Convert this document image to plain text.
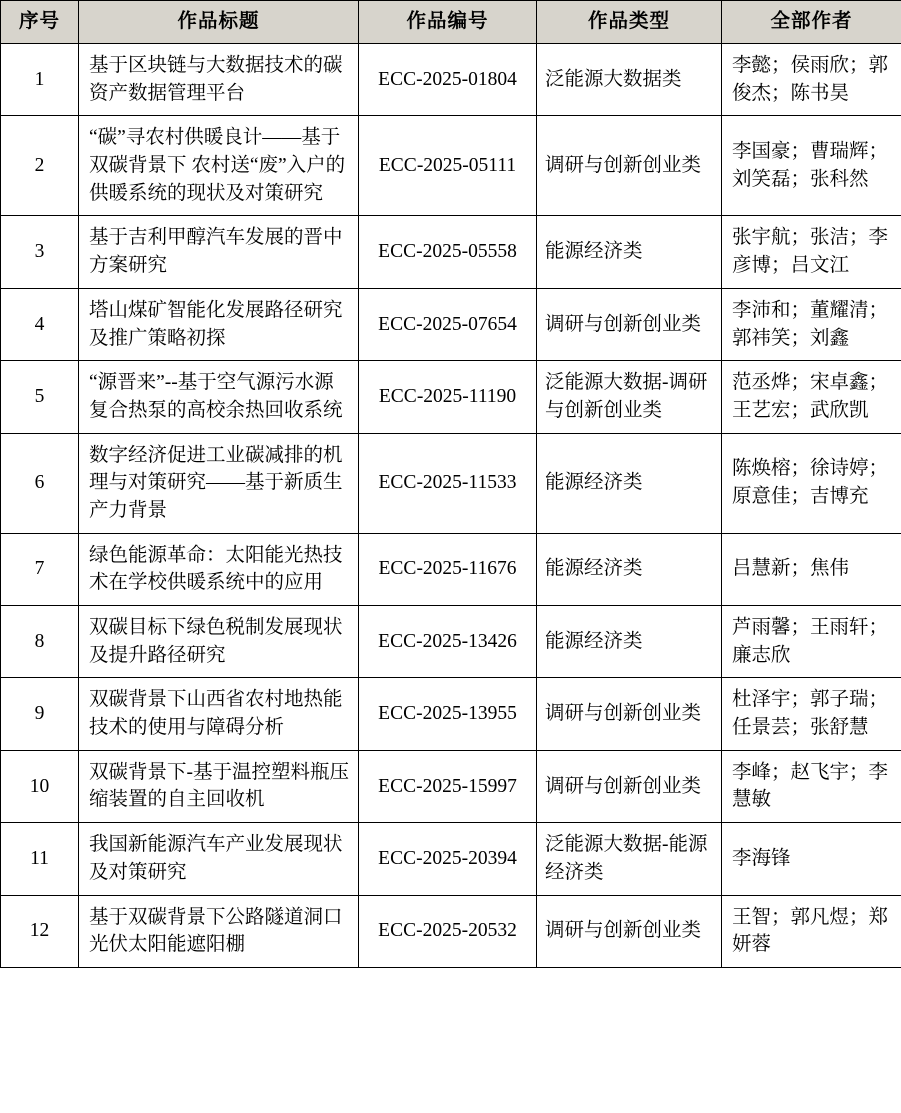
序号	作品标题	作品编号	作品类型	全部作者
1	基于区块链与大数据技术的碳资产数据管理平台	ECC-2025-01804	泛能源大数据类	李懿；侯雨欣；郭俊杰；陈书昊
2	“碳”寻农村供暖良计——基于双碳背景下 农村送“废”入户的供暖系统的现状及对策研究	ECC-2025-05111	调研与创新创业类	李国豪；曹瑞辉；刘笑磊；张科然
3	基于吉利甲醇汽车发展的晋中方案研究	ECC-2025-05558	能源经济类	张宇航；张洁；李彦博；吕文江
4	塔山煤矿智能化发展路径研究及推广策略初探	ECC-2025-07654	调研与创新创业类	李沛和；董耀清；郭祎笑；刘鑫
5	“源晋来”--基于空气源污水源复合热泵的高校余热回收系统	ECC-2025-11190	泛能源大数据-调研与创新创业类	范丞烨；宋卓鑫；王艺宏；武欣凯
6	数字经济促进工业碳减排的机理与对策研究——基于新质生产力背景	ECC-2025-11533	能源经济类	陈焕榕；徐诗婷；原意佳；吉博充
7	绿色能源革命：太阳能光热技术在学校供暖系统中的应用	ECC-2025-11676	能源经济类	吕慧新；焦伟
8	双碳目标下绿色税制发展现状及提升路径研究	ECC-2025-13426	能源经济类	芦雨馨；王雨轩；廉志欣
9	双碳背景下山西省农村地热能技术的使用与障碍分析	ECC-2025-13955	调研与创新创业类	杜泽宇；郭子瑞；任景芸；张舒慧
10	双碳背景下-基于温控塑料瓶压缩装置的自主回收机	ECC-2025-15997	调研与创新创业类	李峰；赵飞宇；李慧敏
11	我国新能源汽车产业发展现状及对策研究	ECC-2025-20394	泛能源大数据-能源经济类	李海锋
12	基于双碳背景下公路隧道洞口光伏太阳能遮阳棚	ECC-2025-20532	调研与创新创业类	王智；郭凡煜；郑妍蓉
